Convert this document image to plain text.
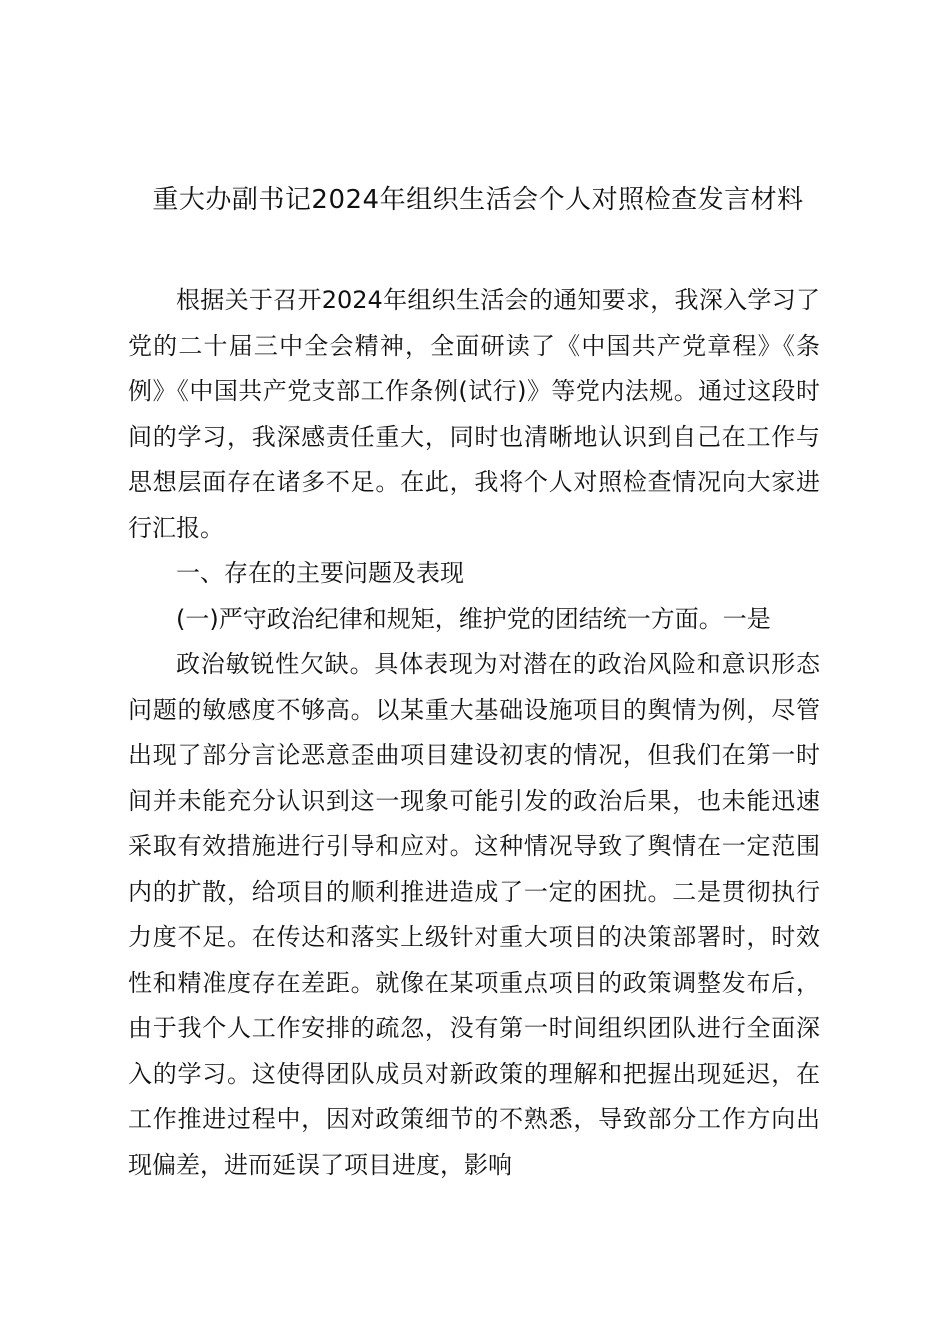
重大办副书记2024年组织生活会个人对照检查发言材料

根据关于召开2024年组织生活会的通知要求，我深入学习了党的二十届三中全会精神，全面研读了《中国共产党章程》《条例》《中国共产党支部工作条例(试行)》等党内法规。通过这段时间的学习，我深感责任重大，同时也清晰地认识到自己在工作与思想层面存在诸多不足。在此，我将个人对照检查情况向大家进行汇报。

一、存在的主要问题及表现

(一)严守政治纪律和规矩，维护党的团结统一方面。一是

政治敏锐性欠缺。具体表现为对潜在的政治风险和意识形态问题的敏感度不够高。以某重大基础设施项目的舆情为例，尽管出现了部分言论恶意歪曲项目建设初衷的情况，但我们在第一时间并未能充分认识到这一现象可能引发的政治后果，也未能迅速采取有效措施进行引导和应对。这种情况导致了舆情在一定范围内的扩散，给项目的顺利推进造成了一定的困扰。二是贯彻执行力度不足。在传达和落实上级针对重大项目的决策部署时，时效性和精准度存在差距。就像在某项重点项目的政策调整发布后，由于我个人工作安排的疏忽，没有第一时间组织团队进行全面深入的学习。这使得团队成员对新政策的理解和把握出现延迟，在工作推进过程中，因对政策细节的不熟悉，导致部分工作方向出现偏差，进而延误了项目进度，影响
